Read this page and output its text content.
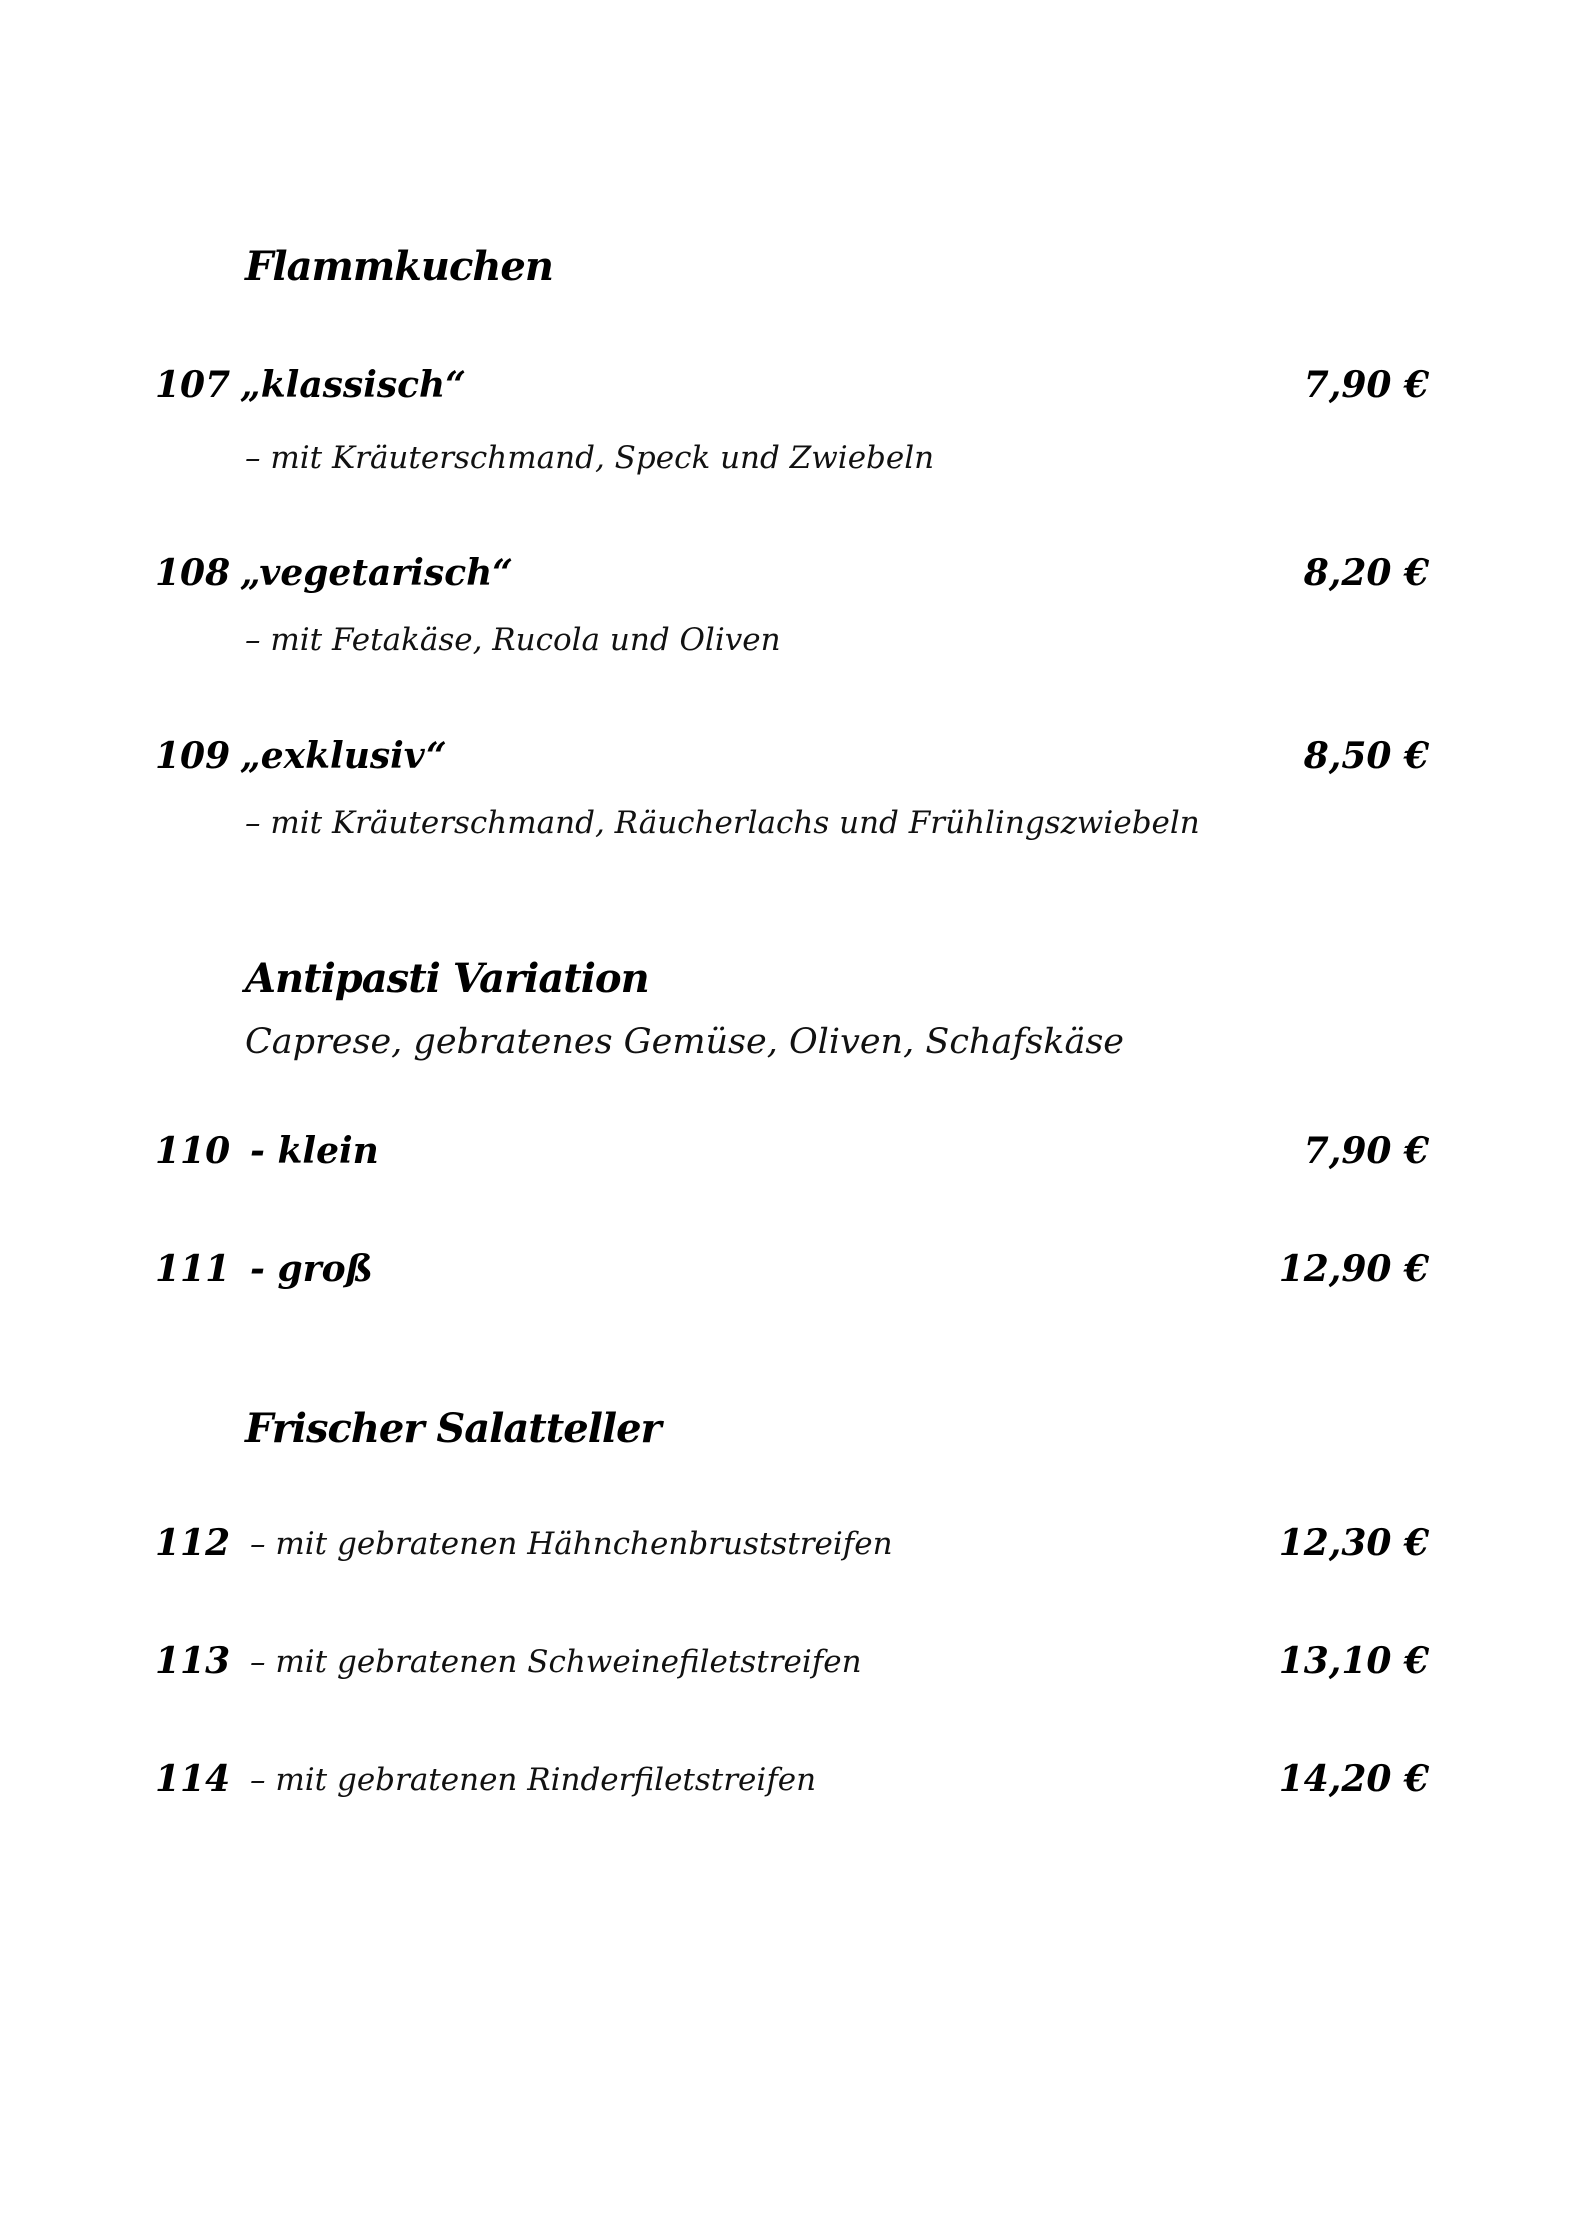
Flammkuchen
107 „klassisch“	7,90 €
– mit Kräuterschmand, Speck und Zwiebeln
108 „vegetarisch“	8,20 €
– mit Fetakäse, Rucola und Oliven
109 „exklusiv“	8,50 €
– mit Kräuterschmand, Räucherlachs und Frühlingszwiebeln
Antipasti Variation
Caprese, gebratenes Gemüse, Oliven, Schafskäse
110 - klein	7,90 €
111 - groß	12,90 €
Frischer Salatteller
112 – mit gebratenen Hähnchenbruststreifen	12,30 €
113 – mit gebratenen Schweinefiletstreifen	13,10 €
114 – mit gebratenen Rinderfiletstreifen	14,20 €
